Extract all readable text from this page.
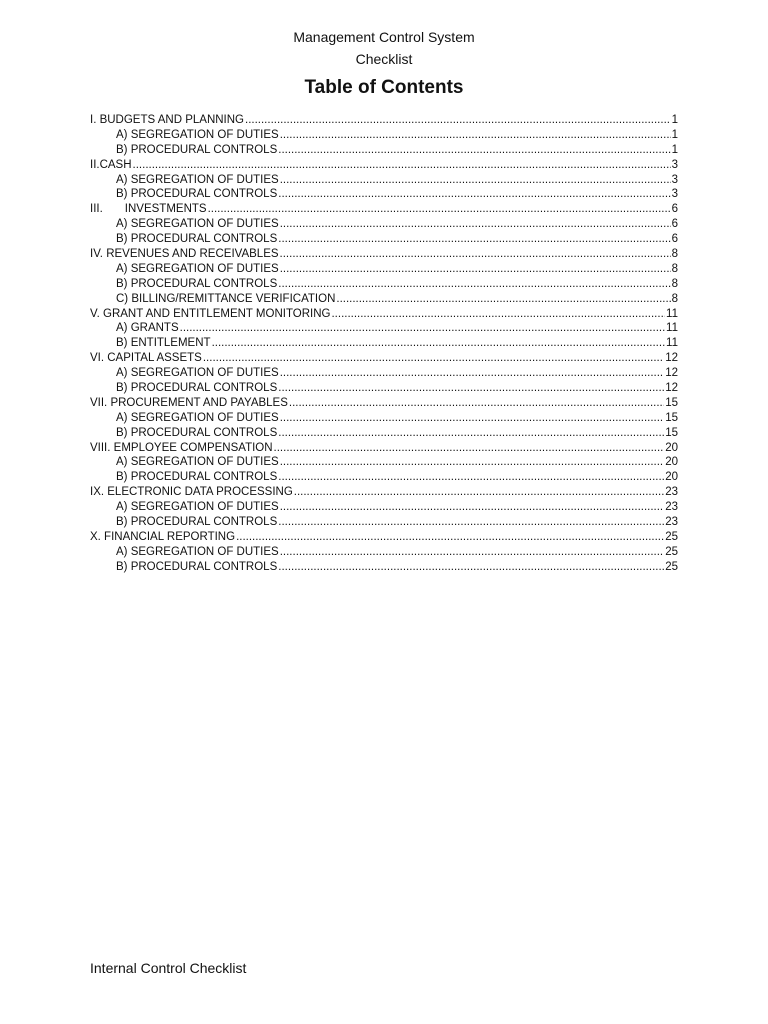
Management Control System
Checklist
Table of Contents
I. BUDGETS AND PLANNING .....	1
A) SEGREGATION OF DUTIES .....	1
B) PROCEDURAL CONTROLS .....	1
II.CASH .....	3
A) SEGREGATION OF DUTIES .....	3
B) PROCEDURAL CONTROLS .....	3
III. INVESTMENTS .....	6
A) SEGREGATION OF DUTIES .....	6
B) PROCEDURAL CONTROLS .....	6
IV. REVENUES AND RECEIVABLES .....	8
A) SEGREGATION OF DUTIES .....	8
B) PROCEDURAL CONTROLS .....	8
C) BILLING/REMITTANCE VERIFICATION .....	8
V. GRANT AND ENTITLEMENT MONITORING .....	11
A) GRANTS .....	11
B) ENTITLEMENT .....	11
VI. CAPITAL ASSETS .....	12
A) SEGREGATION OF DUTIES .....	12
B) PROCEDURAL CONTROLS .....	12
VII. PROCUREMENT AND PAYABLES .....	15
A) SEGREGATION OF DUTIES .....	15
B) PROCEDURAL CONTROLS .....	15
VIII. EMPLOYEE COMPENSATION .....	20
A) SEGREGATION OF DUTIES .....	20
B) PROCEDURAL CONTROLS .....	20
IX. ELECTRONIC DATA PROCESSING .....	23
A) SEGREGATION OF DUTIES .....	23
B) PROCEDURAL CONTROLS .....	23
X. FINANCIAL REPORTING .....	25
A) SEGREGATION OF DUTIES .....	25
B) PROCEDURAL CONTROLS .....	25
Internal Control Checklist
